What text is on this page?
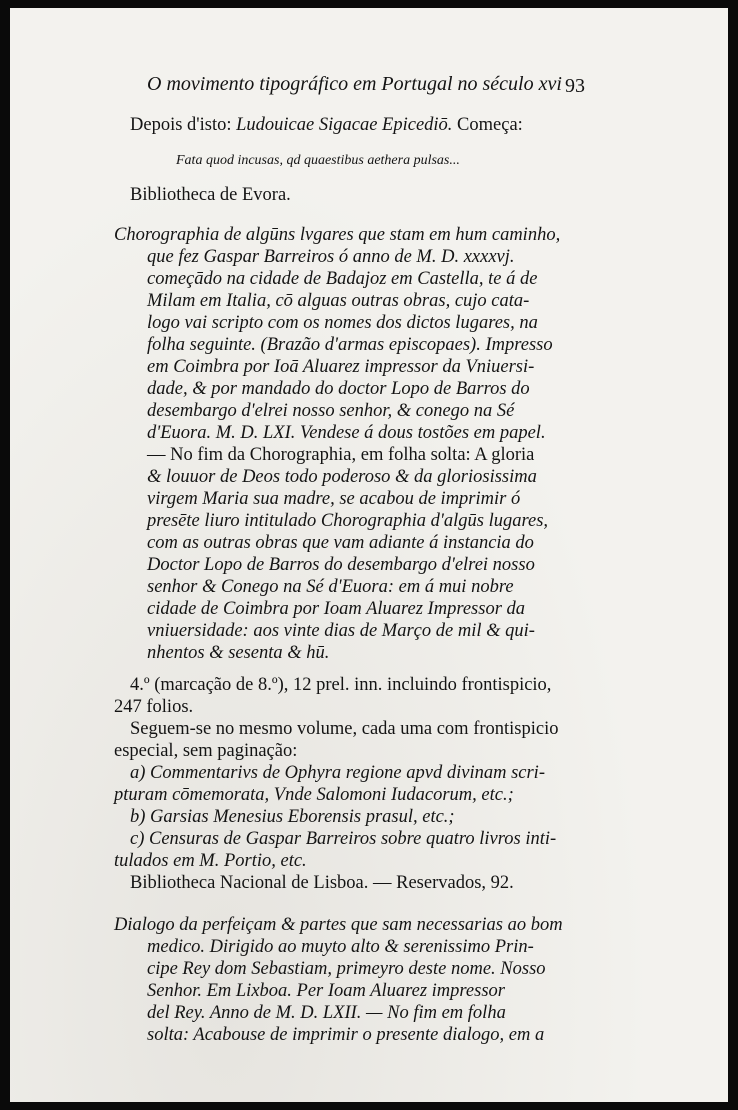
O movimento tipográfico em Portugal no século xvi 93
Depois d'isto: Ludouicae Sigacae Epicediō. Começa:
Fata quod incusas, qd quaestibus aethera pulsas...
Bibliotheca de Evora.
Chorographia de algūns lvgares que stam em hum caminho,
que fez Gaspar Barreiros ó anno de M. D. xxxxvj.
começādo na cidade de Badajoz em Castella, te á de
Milam em Italia, cō alguas outras obras, cujo cata-
logo vai scripto com os nomes dos dictos lugares, na
folha seguinte. (Brazão d'armas episcopaes). Impresso
em Coimbra por Ioā Aluarez impressor da Vniuersi-
dade, & por mandado do doctor Lopo de Barros do
desembargo d'elrei nosso senhor, & conego na Sé
d'Euora. M. D. LXI. Vendese á dous tostões em papel.
— No fim da Chorographia, em folha solta: A gloria
& louuor de Deos todo poderoso & da gloriosissima
virgem Maria sua madre, se acabou de imprimir ó
presēte liuro intitulado Chorographia d'algūs lugares,
com as outras obras que vam adiante á instancia do
Doctor Lopo de Barros do desembargo d'elrei nosso
senhor & Conego na Sé d'Euora: em á mui nobre
cidade de Coimbra por Ioam Aluarez Impressor da
vniuersidade: aos vinte dias de Março de mil & qui-
nhentos & sesenta & hū.
4.º (marcação de 8.º), 12 prel. inn. incluindo frontispicio,
247 folios.
Seguem-se no mesmo volume, cada uma com frontispicio
especial, sem paginação:
a) Commentarivs de Ophyra regione apvd divinam scri-
pturam cōmemorata, Vnde Salomoni Iudacorum, etc.;
b) Garsias Menesius Eborensis prasul, etc.;
c) Censuras de Gaspar Barreiros sobre quatro livros inti-
tulados em M. Portio, etc.
Bibliotheca Nacional de Lisboa. — Reservados, 92.
Dialogo da perfeiçam & partes que sam necessarias ao bom
medico. Dirigido ao muyto alto & serenissimo Prin-
cipe Rey dom Sebastiam, primeyro deste nome. Nosso
Senhor. Em Lixboa. Per Ioam Aluarez impressor
del Rey. Anno de M. D. LXII. — No fim em folha
solta: Acabouse de imprimir o presente dialogo, em a
